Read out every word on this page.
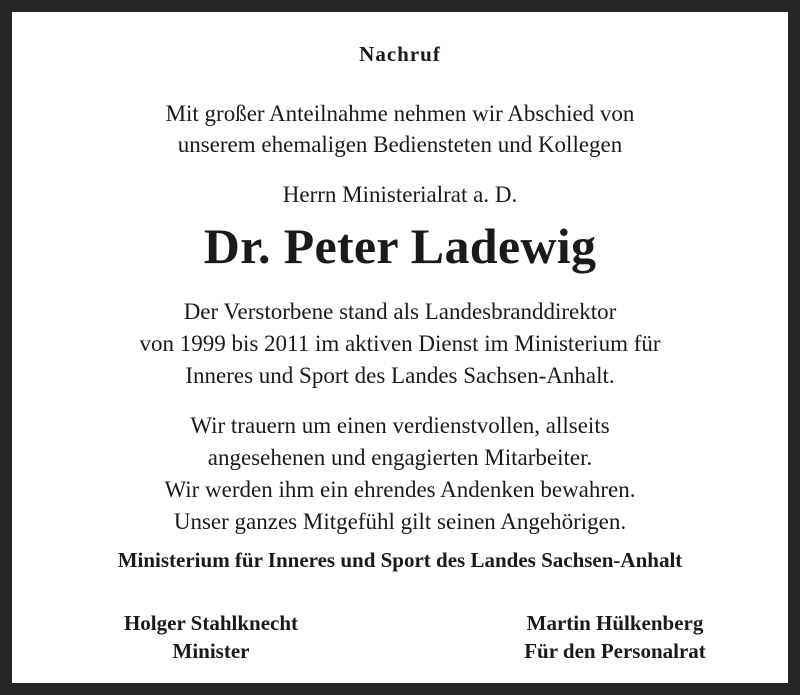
Nachruf
Mit großer Anteilnahme nehmen wir Abschied von
unserem ehemaligen Bediensteten und Kollegen
Herrn Ministerialrat a. D.
Dr. Peter Ladewig
Der Verstorbene stand als Landesbranddirektor
von 1999 bis 2011 im aktiven Dienst im Ministerium für
Inneres und Sport des Landes Sachsen-Anhalt.
Wir trauern um einen verdienstvollen, allseits
angesehenen und engagierten Mitarbeiter.
Wir werden ihm ein ehrendes Andenken bewahren.
Unser ganzes Mitgefühl gilt seinen Angehörigen.
Ministerium für Inneres und Sport des Landes Sachsen-Anhalt
Holger Stahlknecht
Minister
Martin Hülkenberg
Für den Personalrat
